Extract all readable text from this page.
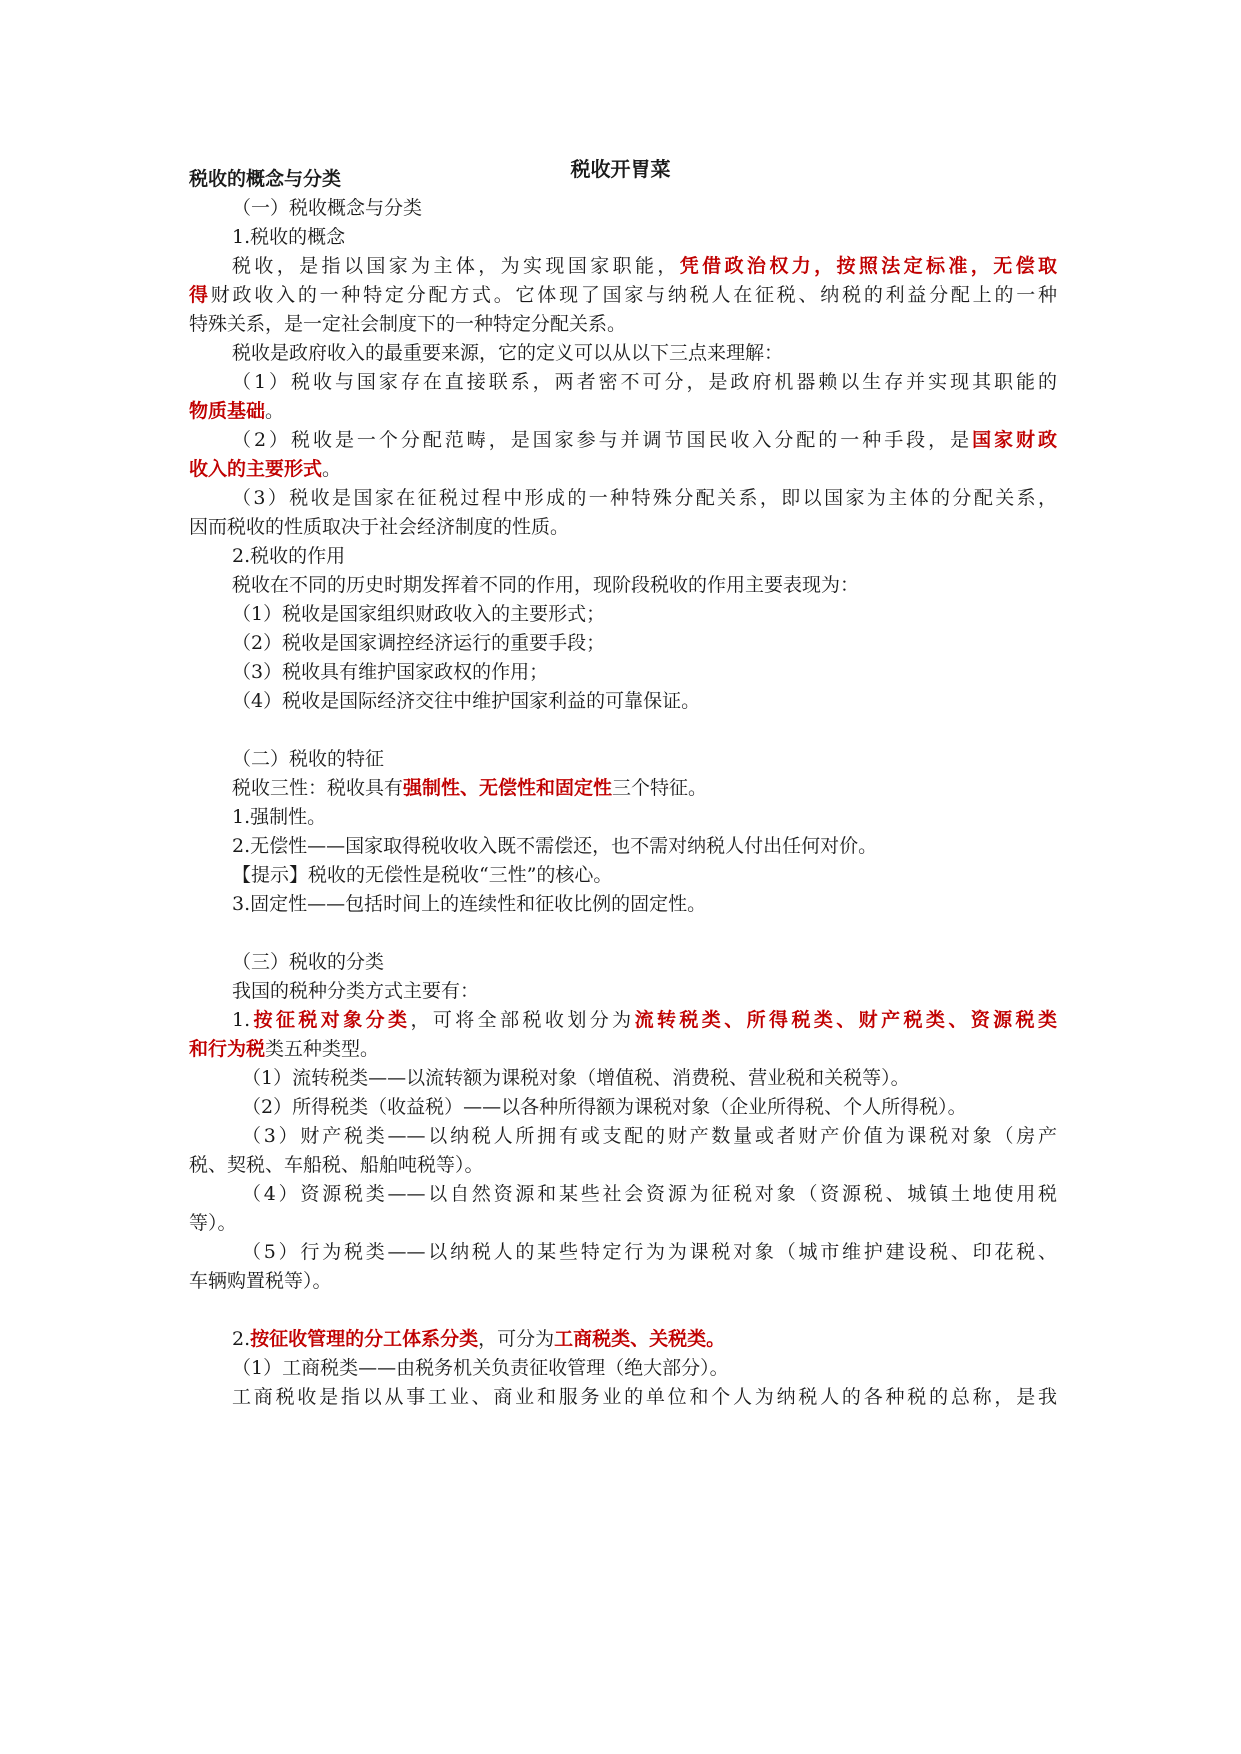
税收开胃菜
税收的概念与分类
（一）税收概念与分类
1.税收的概念
税收，是指以国家为主体，为实现国家职能，凭借政治权力，按照法定标准，无偿取
得财政收入的一种特定分配方式。它体现了国家与纳税人在征税、纳税的利益分配上的一种
特殊关系，是一定社会制度下的一种特定分配关系。
税收是政府收入的最重要来源，它的定义可以从以下三点来理解：
（1）税收与国家存在直接联系，两者密不可分，是政府机器赖以生存并实现其职能的
物质基础。
（2）税收是一个分配范畴，是国家参与并调节国民收入分配的一种手段，是国家财政
收入的主要形式。
（3）税收是国家在征税过程中形成的一种特殊分配关系，即以国家为主体的分配关系，
因而税收的性质取决于社会经济制度的性质。
2.税收的作用
税收在不同的历史时期发挥着不同的作用，现阶段税收的作用主要表现为：
（1）税收是国家组织财政收入的主要形式；
（2）税收是国家调控经济运行的重要手段；
（3）税收具有维护国家政权的作用；
（4）税收是国际经济交往中维护国家利益的可靠保证。
（二）税收的特征
税收三性：税收具有强制性、无偿性和固定性三个特征。
1.强制性。
2.无偿性——国家取得税收收入既不需偿还，也不需对纳税人付出任何对价。
【提示】税收的无偿性是税收“三性”的核心。
3.固定性——包括时间上的连续性和征收比例的固定性。
（三）税收的分类
我国的税种分类方式主要有：
1.按征税对象分类，可将全部税收划分为流转税类、所得税类、财产税类、资源税类
和行为税类五种类型。
（1）流转税类——以流转额为课税对象（增值税、消费税、营业税和关税等）。
（2）所得税类（收益税）——以各种所得额为课税对象（企业所得税、个人所得税）。
（3）财产税类——以纳税人所拥有或支配的财产数量或者财产价值为课税对象（房产
税、契税、车船税、船舶吨税等）。
（4）资源税类——以自然资源和某些社会资源为征税对象（资源税、城镇土地使用税
等）。
（5）行为税类——以纳税人的某些特定行为为课税对象（城市维护建设税、印花税、
车辆购置税等）。
2.按征收管理的分工体系分类，可分为工商税类、关税类。
（1）工商税类——由税务机关负责征收管理（绝大部分）。
工商税收是指以从事工业、商业和服务业的单位和个人为纳税人的各种税的总称，是我
